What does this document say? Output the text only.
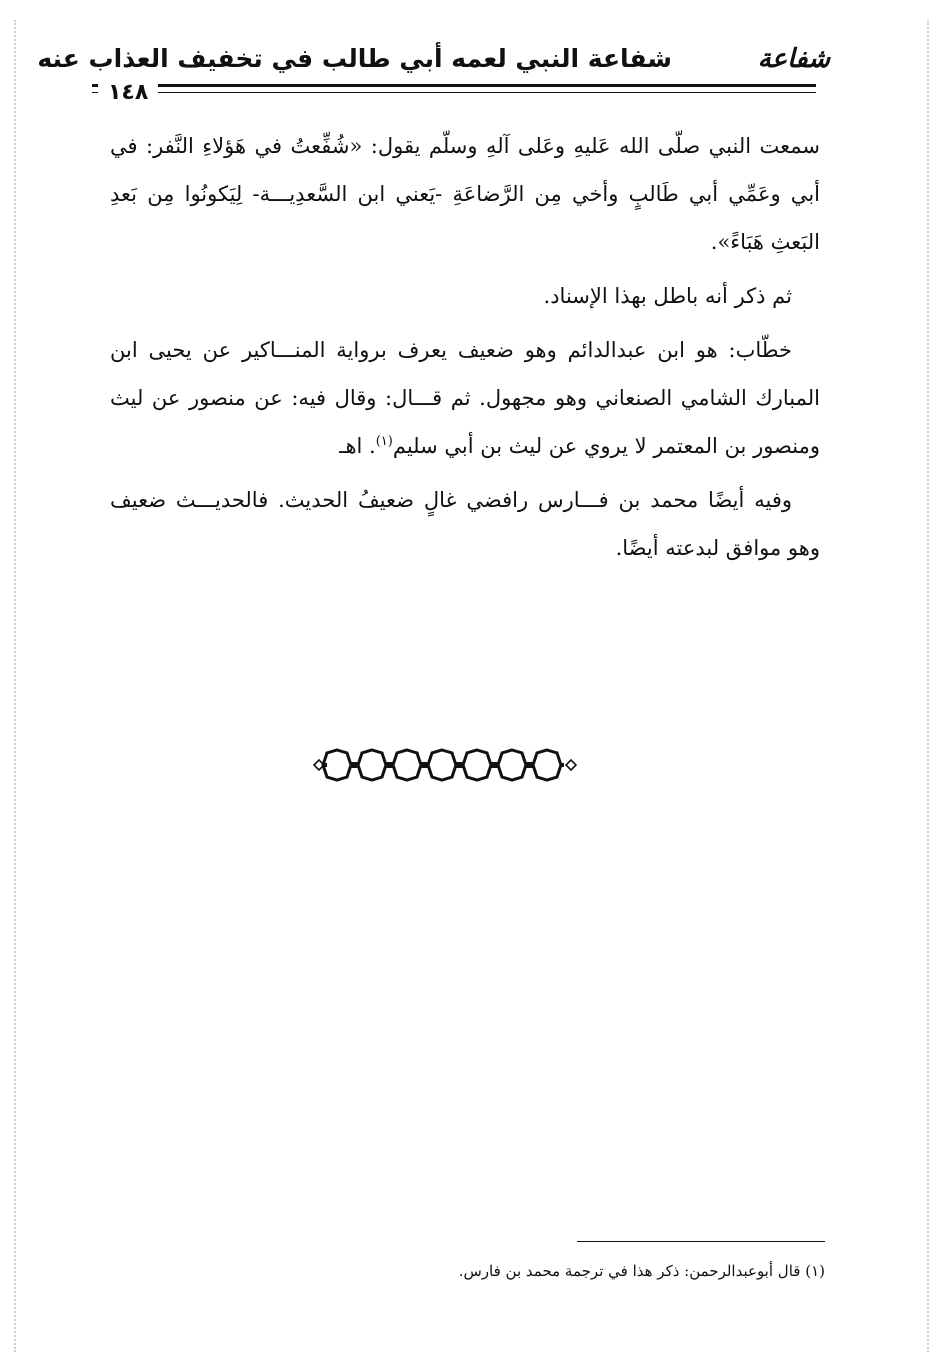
شفاعة
شفاعة النبي لعمه أبي طالب في تخفيف العذاب عنه
١٤٨

سمعت النبي صلّى الله عَليهِ وعَلى آلهِ وسلّم يقول: «شُفِّعتُ في هَؤلاءِ النَّفر: في أبي وعَمِّي أبي طَالبٍ وأخي مِن الرَّضاعَةِ -يَعني ابن السَّعدِيـــة- لِيَكونُوا مِن بَعدِ البَعثِ هَبَاءً».

ثم ذكر أنه باطل بهذا الإسناد.

خطّاب: هو ابن عبدالدائم وهو ضعيف يعرف برواية المنـــاكير عن يحيى ابن المبارك الشامي الصنعاني وهو مجهول. ثم قـــال: وقال فيه: عن منصور عن ليث ومنصور بن المعتمر لا يروي عن ليث بن أبي سليم$^{(١)}$. اهـ

وفيه أيضًا محمد بن فـــارس رافضي غالٍ ضعيفُ الحديث. فالحديـــث ضعيف وهو موافق لبدعته أيضًا.

(١) قال أبوعبدالرحمن: ذكر هذا في ترجمة محمد بن فارس.
